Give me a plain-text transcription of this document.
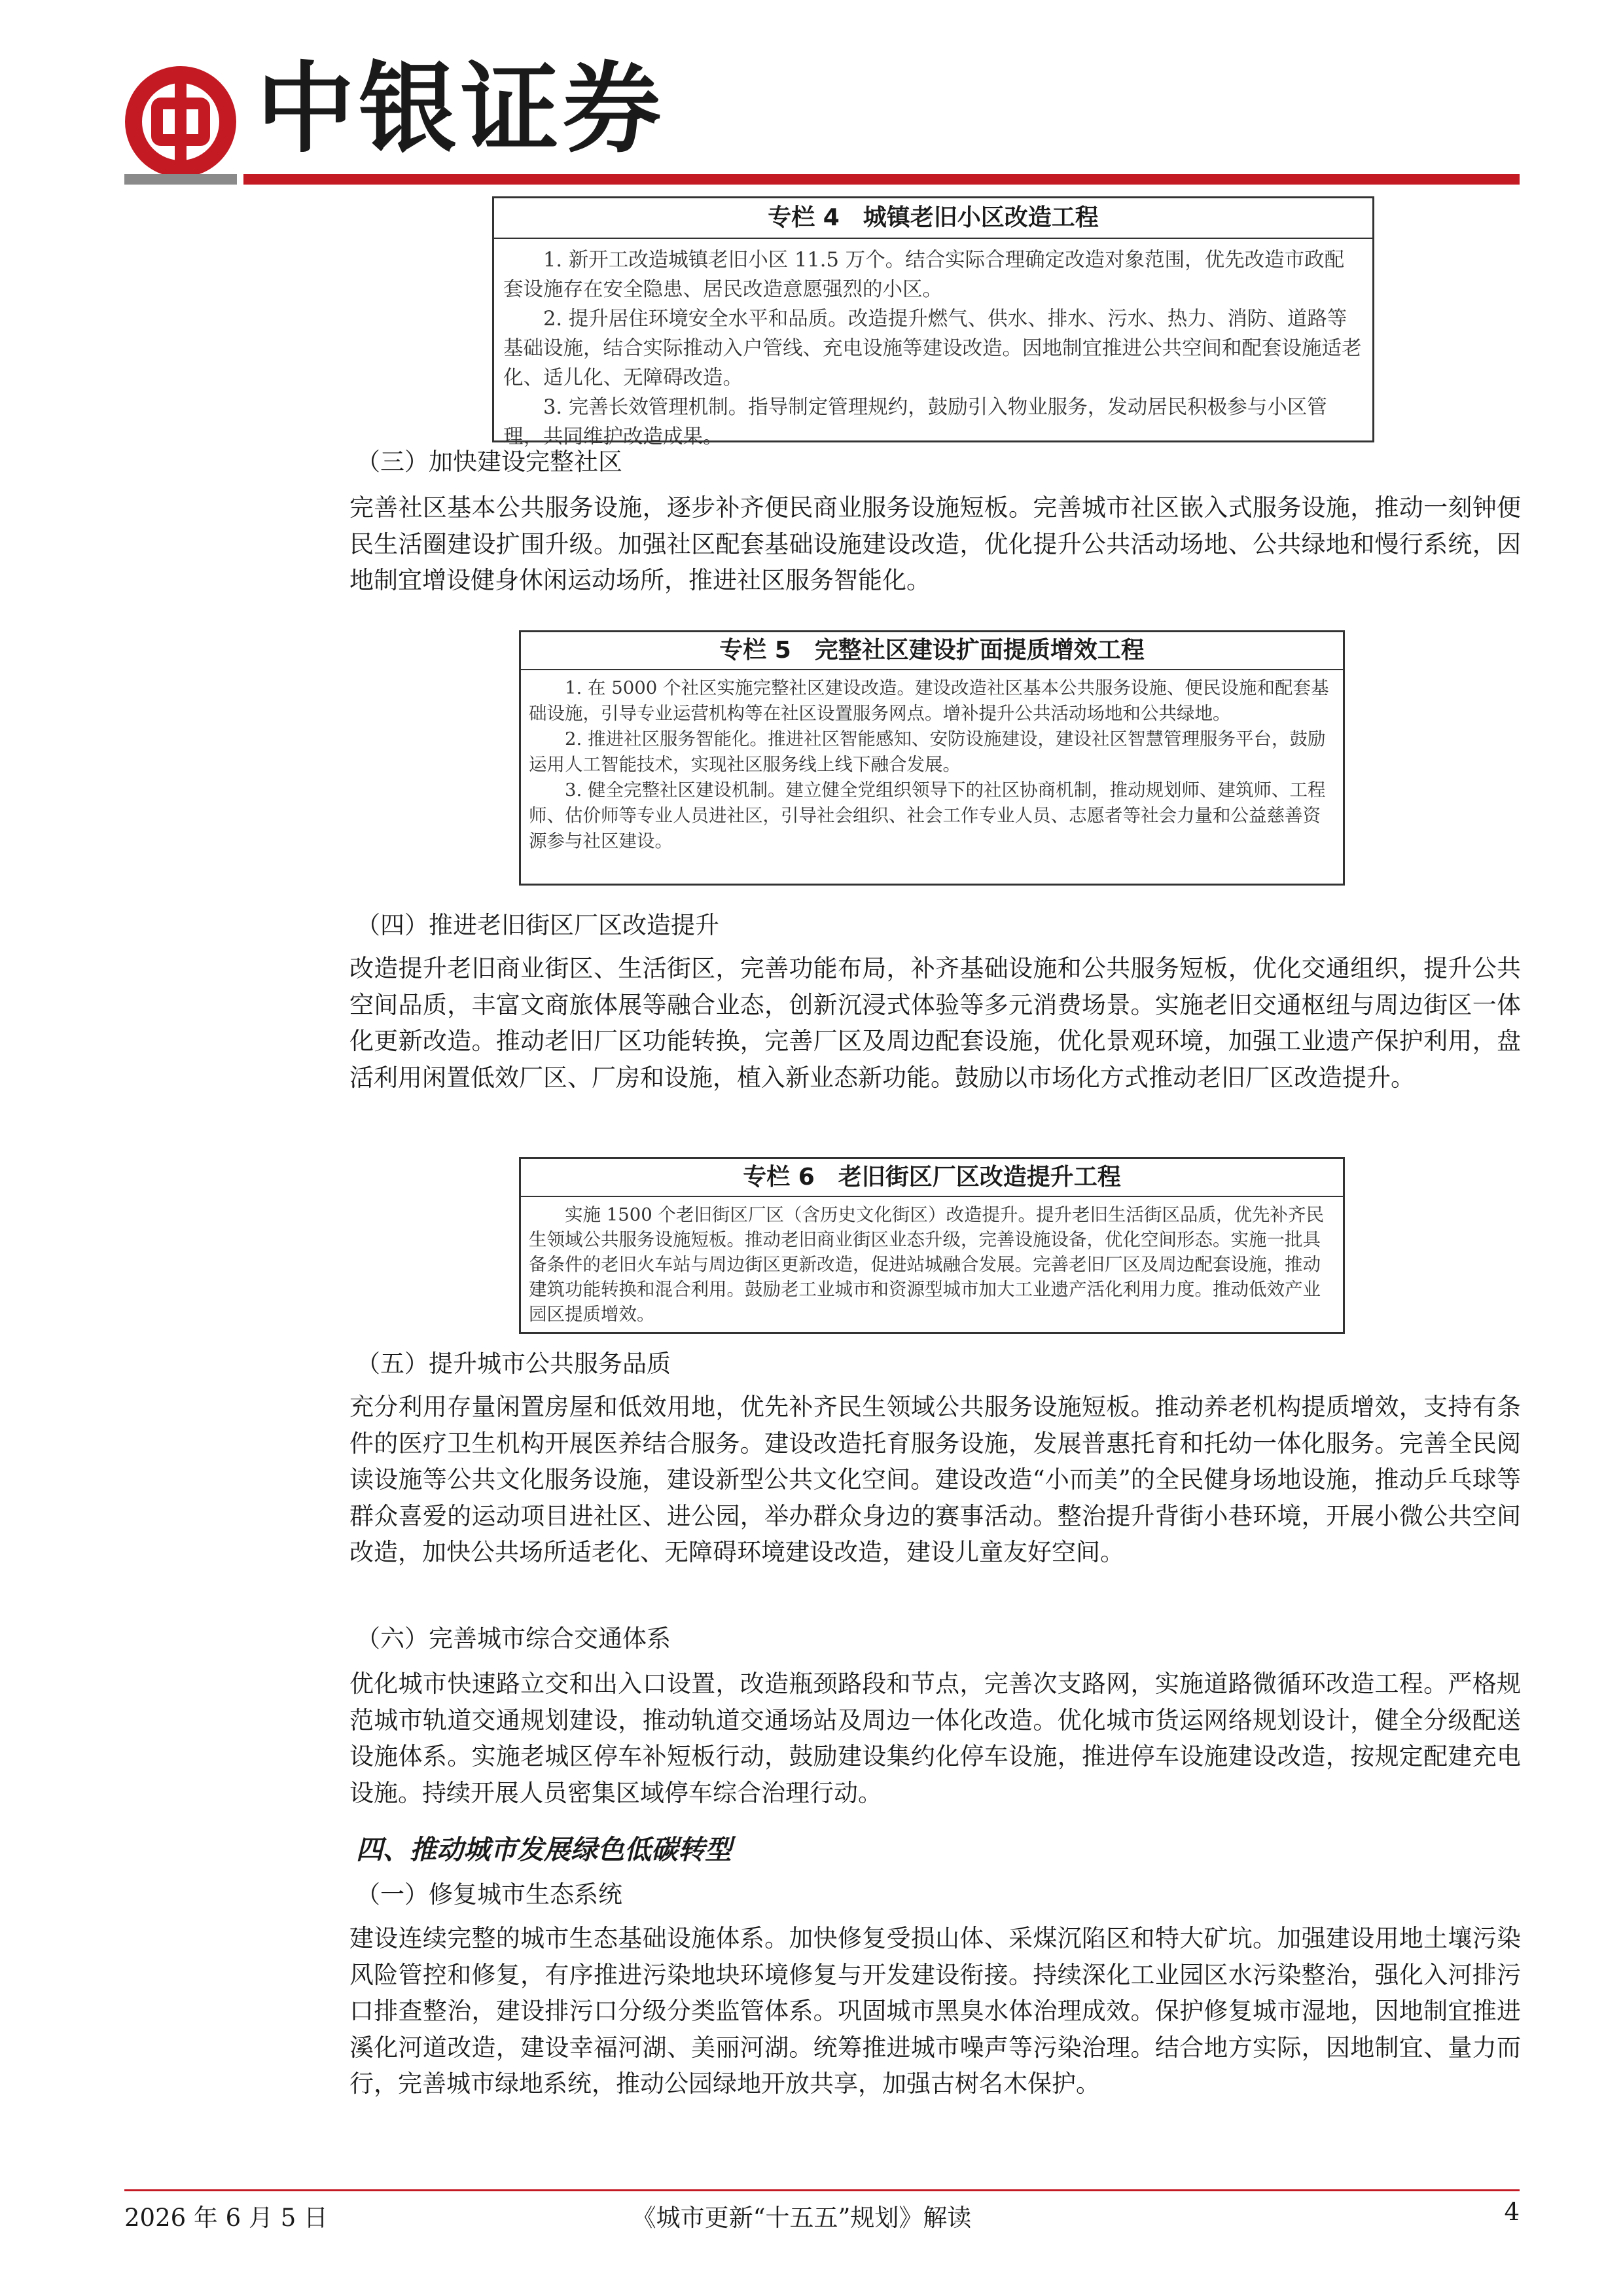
中银证券
专栏 4　城镇老旧小区改造工程

1. 新开工改造城镇老旧小区 11.5 万个。结合实际合理确定改造对象范围，优先改造市政配套设施存在安全隐患、居民改造意愿强烈的小区。

2. 提升居住环境安全水平和品质。改造提升燃气、供水、排水、污水、热力、消防、道路等基础设施，结合实际推动入户管线、充电设施等建设改造。因地制宜推进公共空间和配套设施适老化、适儿化、无障碍改造。

3. 完善长效管理机制。指导制定管理规约，鼓励引入物业服务，发动居民积极参与小区管理，共同维护改造成果。

（三）加快建设完整社区

完善社区基本公共服务设施，逐步补齐便民商业服务设施短板。完善城市社区嵌入式服务设施，推动一刻钟便民生活圈建设扩围升级。加强社区配套基础设施建设改造，优化提升公共活动场地、公共绿地和慢行系统，因地制宜增设健身休闲运动场所，推进社区服务智能化。

专栏 5　完整社区建设扩面提质增效工程

1. 在 5000 个社区实施完整社区建设改造。建设改造社区基本公共服务设施、便民设施和配套基础设施，引导专业运营机构等在社区设置服务网点。增补提升公共活动场地和公共绿地。

2. 推进社区服务智能化。推进社区智能感知、安防设施建设，建设社区智慧管理服务平台，鼓励运用人工智能技术，实现社区服务线上线下融合发展。

3. 健全完整社区建设机制。建立健全党组织领导下的社区协商机制，推动规划师、建筑师、工程师、估价师等专业人员进社区，引导社会组织、社会工作专业人员、志愿者等社会力量和公益慈善资源参与社区建设。

（四）推进老旧街区厂区改造提升

改造提升老旧商业街区、生活街区，完善功能布局，补齐基础设施和公共服务短板，优化交通组织，提升公共空间品质，丰富文商旅体展等融合业态，创新沉浸式体验等多元消费场景。实施老旧交通枢纽与周边街区一体化更新改造。推动老旧厂区功能转换，完善厂区及周边配套设施，优化景观环境，加强工业遗产保护利用，盘活利用闲置低效厂区、厂房和设施，植入新业态新功能。鼓励以市场化方式推动老旧厂区改造提升。

专栏 6　老旧街区厂区改造提升工程

实施 1500 个老旧街区厂区（含历史文化街区）改造提升。提升老旧生活街区品质，优先补齐民生领域公共服务设施短板。推动老旧商业街区业态升级，完善设施设备，优化空间形态。实施一批具备条件的老旧火车站与周边街区更新改造，促进站城融合发展。完善老旧厂区及周边配套设施，推动建筑功能转换和混合利用。鼓励老工业城市和资源型城市加大工业遗产活化利用力度。推动低效产业园区提质增效。

（五）提升城市公共服务品质

充分利用存量闲置房屋和低效用地，优先补齐民生领域公共服务设施短板。推动养老机构提质增效，支持有条件的医疗卫生机构开展医养结合服务。建设改造托育服务设施，发展普惠托育和托幼一体化服务。完善全民阅读设施等公共文化服务设施，建设新型公共文化空间。建设改造“小而美”的全民健身场地设施，推动乒乓球等群众喜爱的运动项目进社区、进公园，举办群众身边的赛事活动。整治提升背街小巷环境，开展小微公共空间改造，加快公共场所适老化、无障碍环境建设改造，建设儿童友好空间。

（六）完善城市综合交通体系

优化城市快速路立交和出入口设置，改造瓶颈路段和节点，完善次支路网，实施道路微循环改造工程。严格规范城市轨道交通规划建设，推动轨道交通场站及周边一体化改造。优化城市货运网络规划设计，健全分级配送设施体系。实施老城区停车补短板行动，鼓励建设集约化停车设施，推进停车设施建设改造，按规定配建充电设施。持续开展人员密集区域停车综合治理行动。

四、推动城市发展绿色低碳转型
（一）修复城市生态系统

建设连续完整的城市生态基础设施体系。加快修复受损山体、采煤沉陷区和特大矿坑。加强建设用地土壤污染风险管控和修复，有序推进污染地块环境修复与开发建设衔接。持续深化工业园区水污染整治，强化入河排污口排查整治，建设排污口分级分类监管体系。巩固城市黑臭水体治理成效。保护修复城市湿地，因地制宜推进溪化河道改造，建设幸福河湖、美丽河湖。统筹推进城市噪声等污染治理。结合地方实际，因地制宜、量力而行，完善城市绿地系统，推动公园绿地开放共享，加强古树名木保护。

2026 年 6 月 5 日	《城市更新“十五五”规划》解读	4
